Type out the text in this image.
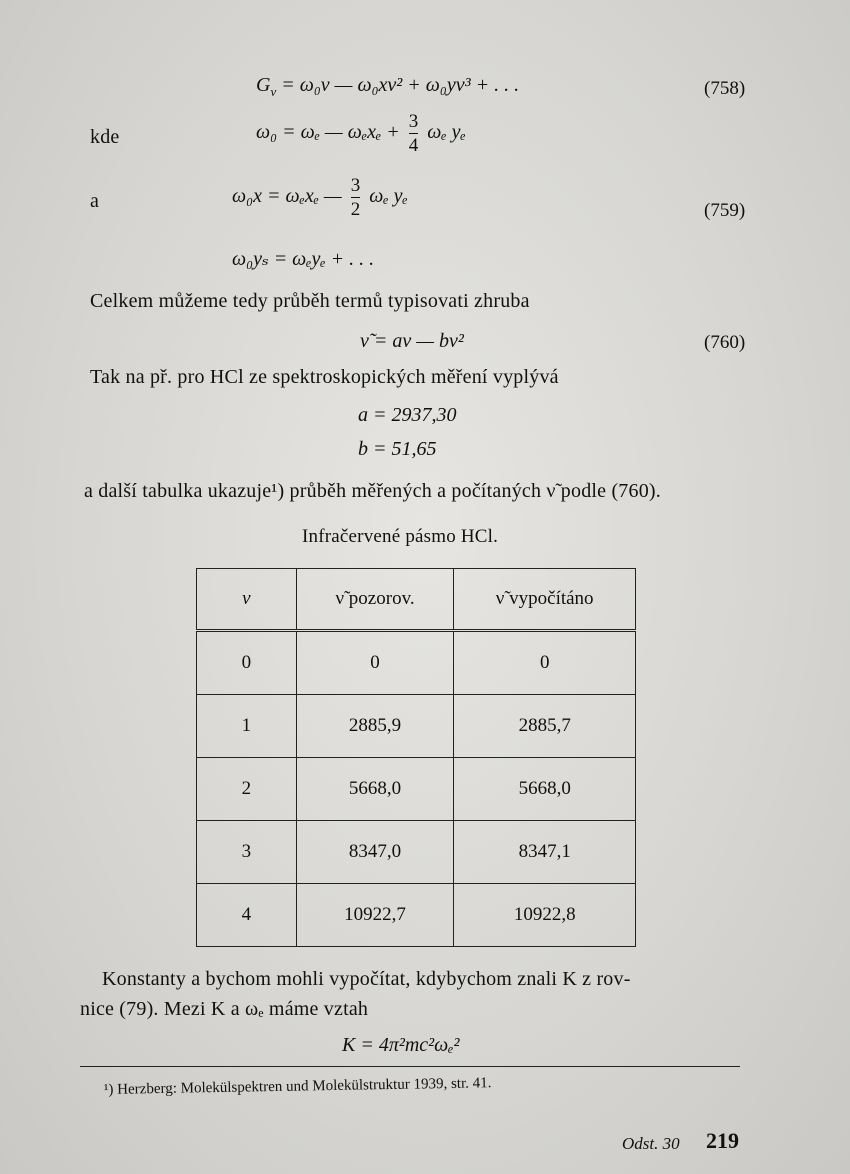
$G_v = \omega_0v$ — ω₀xv² + ω₀yv³ + . . .	(758)
kde	ω₀ = ωₑ — $\omega_ex_e + \frac{3}{4}$ ωₑ yₑ
a	ω₀x = ωₑxₑ — $\frac{3}{2}$ ωₑ yₑ
(759)
ω₀yₛ = ωₑyₑ + . . .
Celkem můžeme tedy průběh termů typisovati zhruba
ν̃ = av — bv²	(760)
Tak na př. pro HCl ze spektroskopických měření vyplývá
a = 2937,30
b = 51,65
a další tabulka ukazuje¹) průběh měřených a počítaných ν̃ podle (760).
Infračervené pásmo HCl.
v	ν̃ pozorov.	ν̃ vypočítáno
0	0	0
1	2885,9	2885,7
2	5668,0	5668,0
3	8347,0	8347,1
4	10922,7	10922,8
Konstanty a bychom mohli vypočítat, kdybychom znali K z rov-
nice (79). Mezi K a ωₑ máme vztah
K = 4π²mc²ωₑ²
¹) Herzberg: Molekülspektren und Molekülstruktur 1939, str. 41.
Odst. 30 219
